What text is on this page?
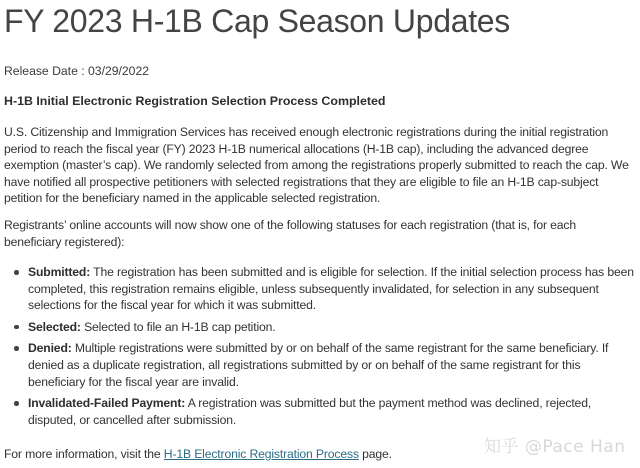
FY 2023 H-1B Cap Season Updates
Release Date : 03/29/2022
H-1B Initial Electronic Registration Selection Process Completed

U.S. Citizenship and Immigration Services has received enough electronic registrations during the initial registration period to reach the fiscal year (FY) 2023 H-1B numerical allocations (H-1B cap), including the advanced degree exemption (master’s cap). We randomly selected from among the registrations properly submitted to reach the cap. We have notified all prospective petitioners with selected registrations that they are eligible to file an H-1B cap-subject petition for the beneficiary named in the applicable selected registration.

Registrants’ online accounts will now show one of the following statuses for each registration (that is, for each beneficiary registered):

Submitted: The registration has been submitted and is eligible for selection. If the initial selection process has been completed, this registration remains eligible, unless subsequently invalidated, for selection in any subsequent selections for the fiscal year for which it was submitted.
Selected: Selected to file an H-1B cap petition.
Denied: Multiple registrations were submitted by or on behalf of the same registrant for the same beneficiary. If denied as a duplicate registration, all registrations submitted by or on behalf of the same registrant for this beneficiary for the fiscal year are invalid.
Invalidated-Failed Payment: A registration was submitted but the payment method was declined, rejected, disputed, or cancelled after submission.
For more information, visit the H-1B Electronic Registration Process page.	知乎 @Pace Han
